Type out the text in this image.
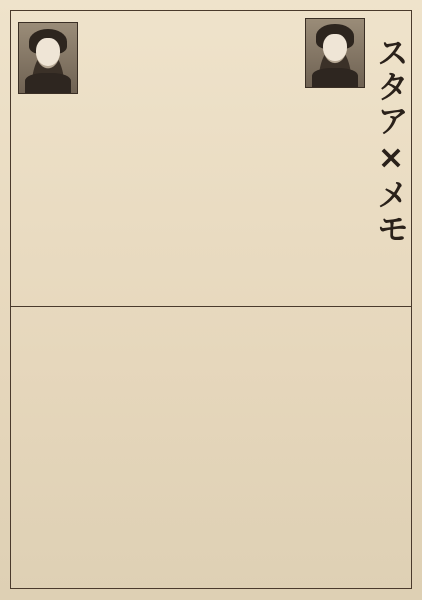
スタア×メモ
